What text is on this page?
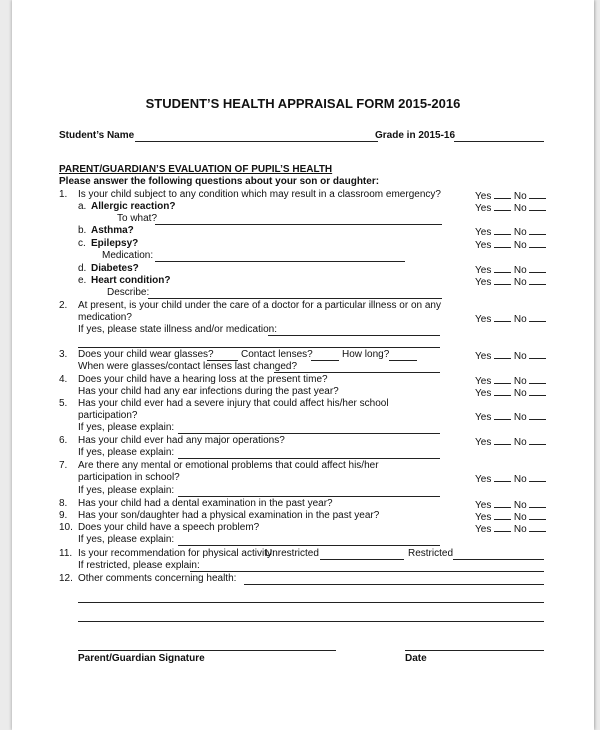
STUDENT’S HEALTH APPRAISAL FORM 2015-2016
Student’s Name	Grade in 2015-16
PARENT/GUARDIAN’S EVALUATION OF PUPIL’S HEALTH
Please answer the following questions about your son or daughter:
1. Is your child subject to any condition which may result in a classroom emergency?	Yes No
a. Allergic reaction?	Yes No
To what?
b. Asthma?	Yes No
c. Epilepsy?	Yes No
Medication:
d. Diabetes?	Yes No
e. Heart condition?	Yes No
Describe:
2. At present, is your child under the care of a doctor for a particular illness or on any
medication?	Yes No
If yes, please state illness and/or medication:
3. Does your child wear glasses?	Contact lenses?	How long?	Yes No
When were glasses/contact lenses last changed?
4. Does your child have a hearing loss at the present time?	Yes No
Has your child had any ear infections during the past year?	Yes No
5. Has your child ever had a severe injury that could affect his/her school
participation?	Yes No
If yes, please explain:
6. Has your child ever had any major operations?	Yes No
If yes, please explain:
7. Are there any mental or emotional problems that could affect his/her
participation in school?	Yes No
If yes, please explain:
8. Has your child had a dental examination in the past year?	Yes No
9. Has your son/daughter had a physical examination in the past year?	Yes No
10. Does your child have a speech problem?	Yes No
If yes, please explain:
11. Is your recommendation for physical activity:
Unrestricted	Restricted
If restricted, please explain:
12. Other comments concerning health:
Parent/Guardian Signature	Date
